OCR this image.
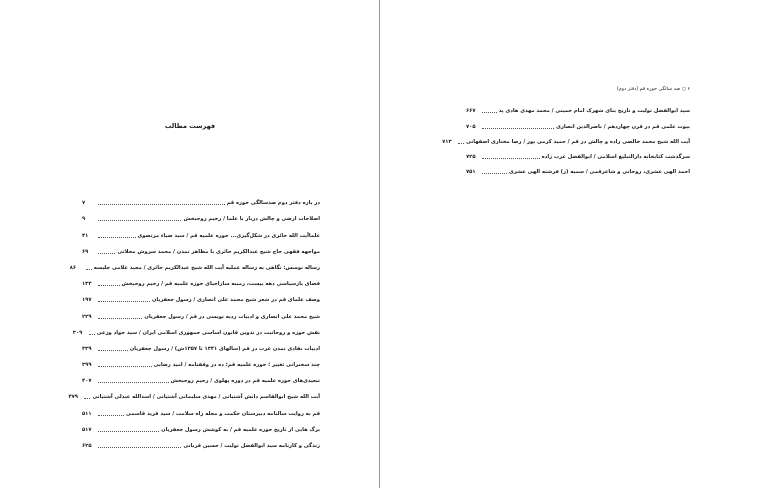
فهرست مطالب
در باره دفتر دوم صدسالگی حوزه قم
۷
اصلاحات ارضی و چالش دربار با علما / رحیم روحبخش
۹
علماآیت الله حائری در شکل‌گیری... حوزه علمیه قم / سید ضیاء مرتضوی
۴۱
مواجهه فقهی حاج شیخ عبدالکریم حائری با مظاهر تمدن / محمد سروش محلاتی
۶۹
رساله نوسس: نگاهی به رساله عملیه آیت الله شیخ عبدالکریم حائری / مجید غلامی جلیسه
۸۶
فضای بازسیاسی دهه بیست، زمینه سازاحیای حوزه علمیه قم / رحیم روحبخش
۱۳۳
وصف علمای قم در شعر شیخ محمد علی انصاری / رسول جعفریان
۱۹۷
شیخ محمد علی انصاری و ادبیات ردیه نویسی در قم / رسول جعفریان
۲۲۹
نقش حوزه و روحانیت در تدوین قانون اساسی جمهوری اسلامی ایران / سید جواد ورعی
۳۰۹
ادبیات نقادی تمدن غرب در قم (سالهای ۱۳۴۱ تا ۱۳۵۷ش) / رسول جعفریان
۳۳۹
چند سخنرانی تغییر ؛ حوزه علمیه قم؛ ده در وقفنامه / امید رضایی
۳۹۹
تبعیدی‌های حوزه علمیه قم در دوره پهلوی / رحیم روحبخش
۴۰۷
آیت الله شیخ ابوالقاسم دانش آشتیانی / مهدی سلیمانی آشتیانی / اسدالله عبدلی آشتیانی
۴۷۹
قم به روایت سالنامه دبیرستان حکمت و مجله راه سلامت / سید فرید قاسمی
۵۱۱
برگ هایی از تاریخ حوزه علمیه قم / به کوشش رسول جعفریان
۵۱۷
زندگی و کارنامه سید ابوالفضل تولیت / حسین قربانی
۶۲۵
۶ ○ صد سالگی حوزه قم (دفتر دوم)
سید ابوالفضل تولیت و تاریخ بنای شهرک امام خمینی / محمد مهدی هادی پد
۶۶۷
بیوت علمی قم در قرن چهاردهم / ناصرالدین انصاری
۷۰۵
آیت الله شیخ محمد خالصی زاده و چالش در قم / حمید کرمی پور / رضا مختاری اصفهانی
۷۱۳
سرگذشت کتابخانه دارالتبلیغ اسلامی / ابوالفضل عرب زاده
۷۲۵
احمد الهی عشری، روحانی و شاعرقمی / سمیه (ز) فرشته الهی عشری
۷۵۱
